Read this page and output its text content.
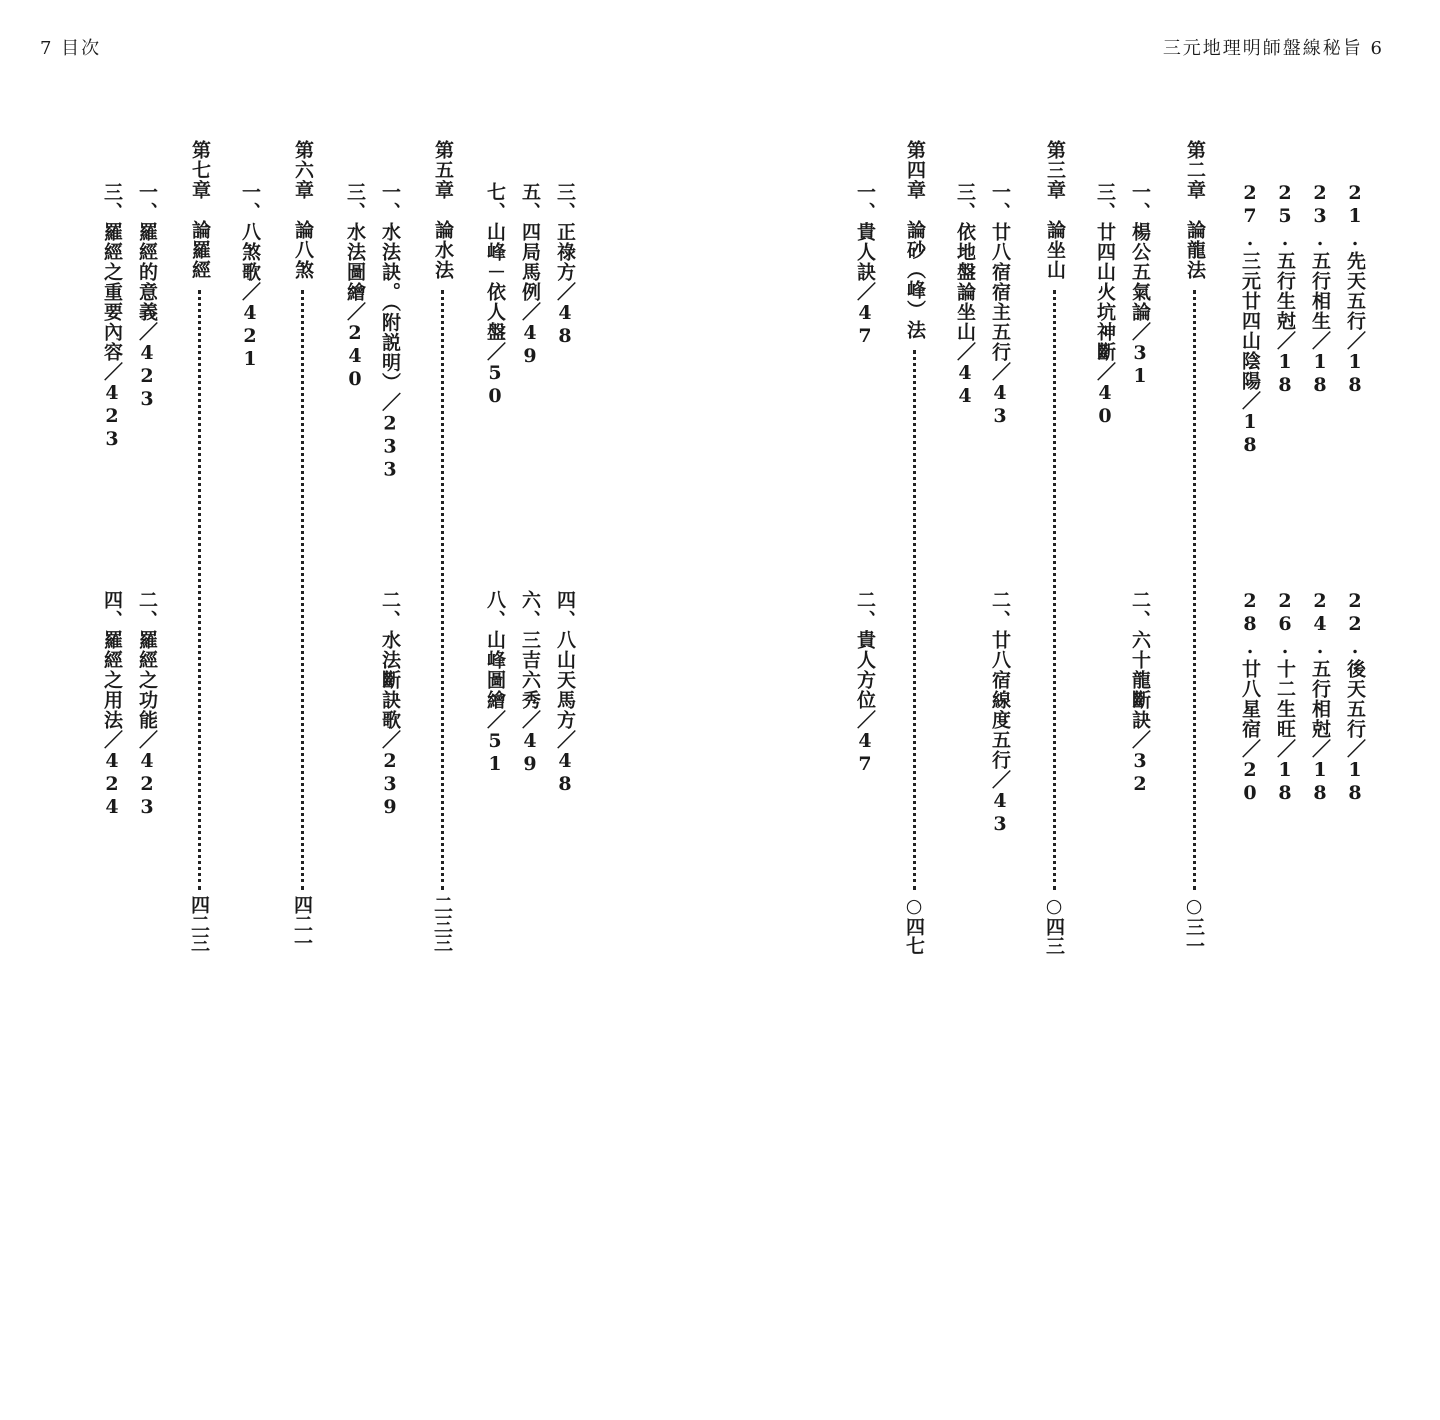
7 目次	三元地理明師盤線秘旨 6
21.先天五行／18
22.後天五行／18
23.五行相生／18
24.五行相尅／18
25.五行生尅／18
26.十二生旺／18
27.三元廿四山陰陽／18
28.廿八星宿／20
第二章　論龍法
○三一
一、楊公五氣論／31
二、六十龍斷訣／32
三、廿四山火坑神斷／40
第三章　論坐山
○四三
一、廿八宿宿主五行／43
二、廿八宿線度五行／43
三、依地盤論坐山／44
第四章　論砂（峰）法
○四七
一、貴人訣／47
二、貴人方位／47
三、正祿方／48
四、八山天馬方／48
五、四局馬例／49
六、三吉六秀／49
七、山峰－依人盤／50
八、山峰圖繪／51
第五章　論水法
二三三
一、水法訣。（附説明）／233
二、水法斷訣歌／239
三、水法圖繪／240
第六章　論八煞
四二一
一、八煞歌／421
第七章　論羅經
四二三
一、羅經的意義／423
二、羅經之功能／423
三、羅經之重要內容／423
四、羅經之用法／424
